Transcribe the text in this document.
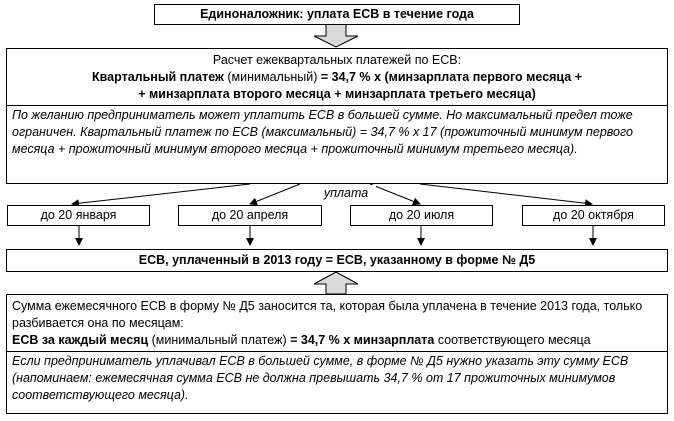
Единоналожник: уплата ЕСВ в течение года
Расчет ежеквартальных платежей по ЕСВ:
Квартальный платеж (минимальный) = 34,7 % х (минзарплата первого месяца +
+ минзарплата второго месяца + минзарплата третьего месяца)
По желанию предприниматель может уплатить ЕСВ в большей сумме. Но максимальный предел тоже ограничен. Квартальный платеж по ЕСВ (максимальный) = 34,7 % х 17 (прожиточный минимум первого месяца + прожиточный минимум второго месяца + прожиточный минимум третьего месяца).
уплата
до 20 января	до 20 апреля	до 20 июля	до 20 октября
ЕСВ, уплаченный в 2013 году = ЕСВ, указанному в форме № Д5
Сумма ежемесячного ЕСВ в форму № Д5 заносится та, которая была уплачена в течение 2013 года, только разбивается она по месяцам:
ЕСВ за каждый месяц (минимальный платеж) = 34,7 % х минзарплата соответствующего месяца
Если предприниматель уплачивал ЕСВ в большей сумме, в форме № Д5 нужно указать эту сумму ЕСВ (напоминаем: ежемесячная сумма ЕСВ не должна превышать 34,7 % от 17 прожиточных минимумов соответствующего месяца).
